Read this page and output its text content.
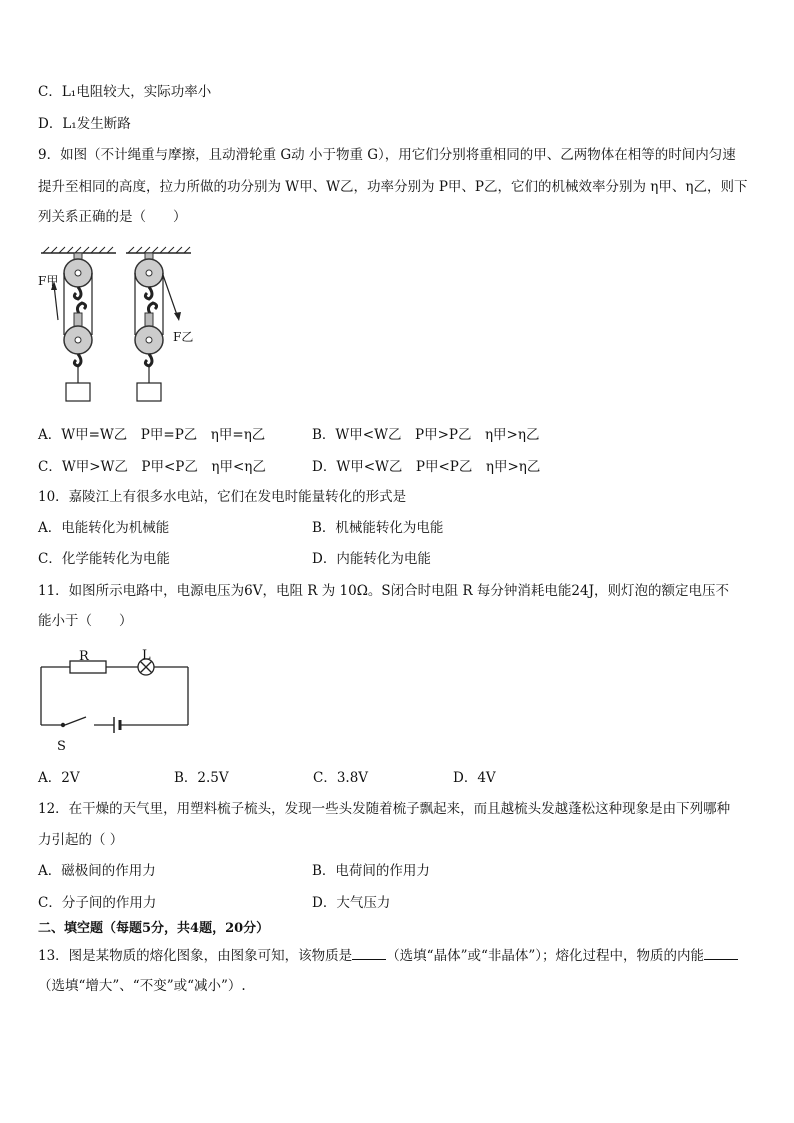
C．L₁电阻较大，实际功率小
D．L₁发生断路
9．如图（不计绳重与摩擦，且动滑轮重 G动 小于物重 G），用它们分别将重相同的甲、乙两物体在相等的时间内匀速
提升至相同的高度，拉力所做的功分别为 W甲、W乙，功率分别为 P甲、P乙，它们的机械效率分别为 η甲、η乙，则下
列关系正确的是（　　）
F甲
F乙
A．W甲=W乙　P甲=P乙　η甲=η乙	B．W甲<W乙　P甲>P乙　η甲>η乙
C．W甲>W乙　P甲<P乙　η甲<η乙	D．W甲<W乙　P甲<P乙　η甲>η乙
10．嘉陵江上有很多水电站，它们在发电时能量转化的形式是
A．电能转化为机械能	B．机械能转化为电能
C．化学能转化为电能	D．内能转化为电能
11．如图所示电路中，电源电压为6V，电阻 R 为 10Ω。S闭合时电阻 R 每分钟消耗电能24J，则灯泡的额定电压不
能小于（　　）
R	L
S
A．2V	B．2.5V	C．3.8V	D．4V
12．在干燥的天气里，用塑料梳子梳头，发现一些头发随着梳子飘起来，而且越梳头发越蓬松这种现象是由下列哪种
力引起的（ ）
A．磁极间的作用力	B．电荷间的作用力
C．分子间的作用力	D．大气压力
二、填空题（每题5分，共4题，20分）
13．图是某物质的熔化图象，由图象可知，该物质是	（选填“晶体”或“非晶体”）；熔化过程中，物质的内能
（选填“增大”、“不变”或“减小”）.
